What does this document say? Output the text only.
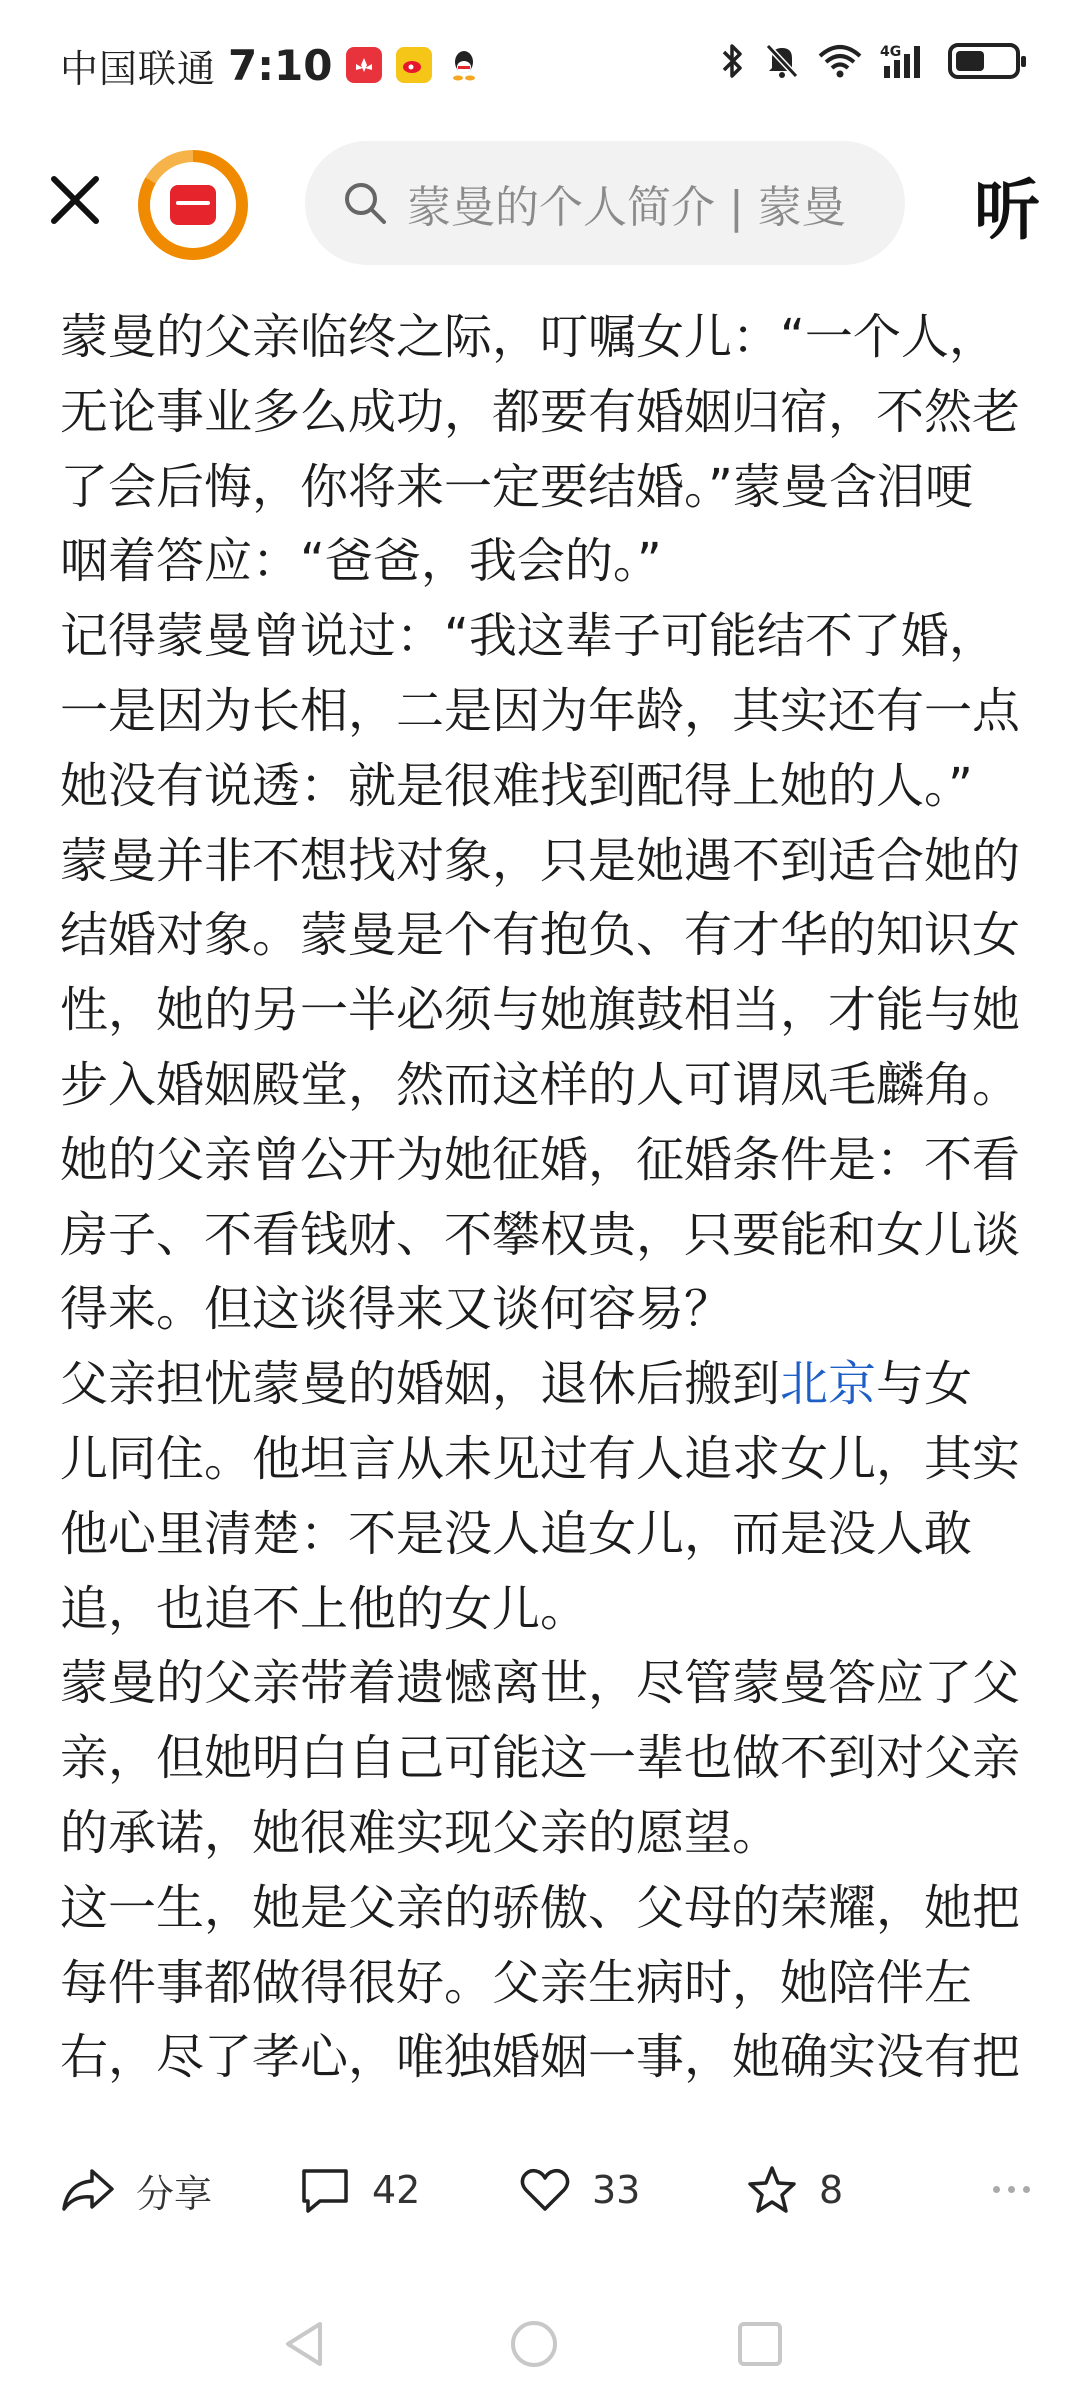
中国联通 7:10	4G
蒙曼的个人简介 | 蒙曼 听

蒙曼的父亲临终之际，叮嘱女儿：“一个人，无论事业多么成功，都要有婚姻归宿，不然老了会后悔，你将来一定要结婚。”蒙曼含泪哽咽着答应：“爸爸，我会的。”

记得蒙曼曾说过：“我这辈子可能结不了婚，一是因为长相，二是因为年龄，其实还有一点她没有说透：就是很难找到配得上她的人。”

蒙曼并非不想找对象，只是她遇不到适合她的结婚对象。蒙曼是个有抱负、有才华的知识女性，她的另一半必须与她旗鼓相当，才能与她步入婚姻殿堂，然而这样的人可谓凤毛麟角。

她的父亲曾公开为她征婚，征婚条件是：不看房子、不看钱财、不攀权贵，只要能和女儿谈得来。但这谈得来又谈何容易？

父亲担忧蒙曼的婚姻，退休后搬到北京与女儿同住。他坦言从未见过有人追求女儿，其实他心里清楚：不是没人追女儿，而是没人敢追，也追不上他的女儿。

蒙曼的父亲带着遗憾离世，尽管蒙曼答应了父亲，但她明白自己可能这一辈也做不到对父亲的承诺，她很难实现父亲的愿望。

这一生，她是父亲的骄傲、父母的荣耀，她把每件事都做得很好。父亲生病时，她陪伴左右，尽了孝心，唯独婚姻一事，她确实没有把

分享	42	33	8
